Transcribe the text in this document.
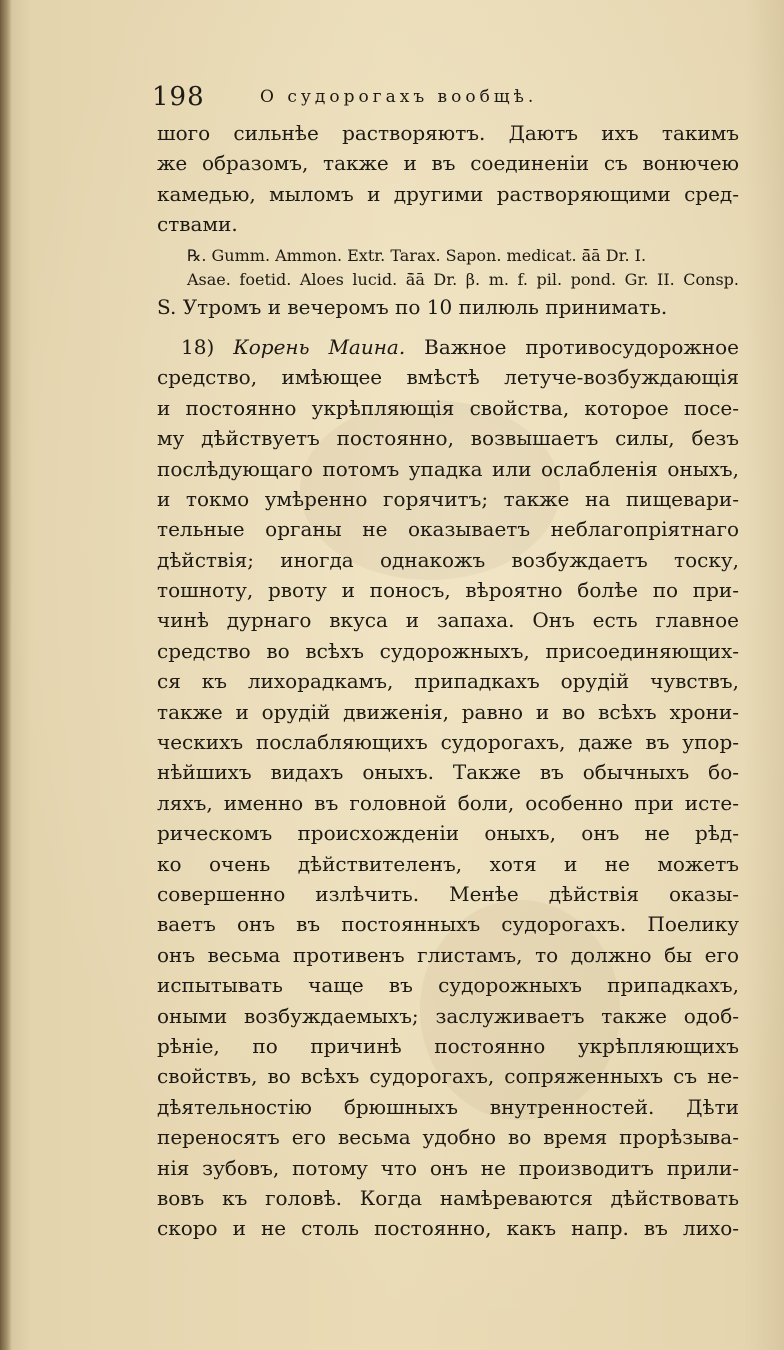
198	О судорогахъ вообщѣ.
шого сильнѣе растворяютъ. Даютъ ихъ такимъ
же образомъ, также и въ соединеніи съ вонючею
камедью, мыломъ и другими растворяющими сред-
ствами.
℞. Gumm. Ammon. Extr. Tarax. Sapon. medicat. ā̄ā Dr. I.
Asae. foetid. Aloes lucid. ā̄ā Dr. β. m. f. pil. pond. Gr. II. Consp.
S. Утромъ и вечеромъ по 10 пилюль принимать.
18) Корень Маuна. Важное противосудорожное
средство, имѣющее вмѣстѣ летуче-возбуждающія
и постоянно укрѣпляющія свойства, которое посе-
му дѣйствуетъ постоянно, возвышаетъ силы, безъ
послѣдующаго потомъ упадка или ослабленія оныхъ,
и токмо умѣренно горячитъ; также на пищевари-
тельные органы не оказываетъ неблагопріятнаго
дѣйствія; иногда однакожъ возбуждаетъ тоску,
тошноту, рвоту и поносъ, вѣроятно болѣе по при-
чинѣ дурнаго вкуса и запаха. Онъ есть главное
средство во всѣхъ судорожныхъ, присоединяющих-
ся къ лихорадкамъ, припадкахъ орудій чувствъ,
также и орудій движенія, равно и во всѣхъ хрони-
ческихъ послабляющихъ судорогахъ, даже въ упор-
нѣйшихъ видахъ оныхъ. Также въ обычныхъ бо-
ляхъ, именно въ головной боли, особенно при исте-
рическомъ происхожденіи оныхъ, онъ не рѣд-
ко очень дѣйствителенъ, хотя и не можетъ
совершенно излѣчить. Менѣе дѣйствія оказы-
ваетъ онъ въ постоянныхъ судорогахъ. Поелику
онъ весьма противенъ глистамъ, то должно бы его
испытывать чаще въ судорожныхъ припадкахъ,
оными возбуждаемыхъ; заслуживаетъ также одоб-
рѣніе, по причинѣ постоянно укрѣпляющихъ
свойствъ, во всѣхъ судорогахъ, сопряженныхъ съ не-
дѣятельностію брюшныхъ внутренностей. Дѣти
переносятъ его весьма удобно во время прорѣзыва-
нія зубовъ, потому что онъ не производитъ прили-
вовъ къ головѣ. Когда намѣреваются дѣйствовать
скоро и не столь постоянно, какъ напр. въ лихо-
